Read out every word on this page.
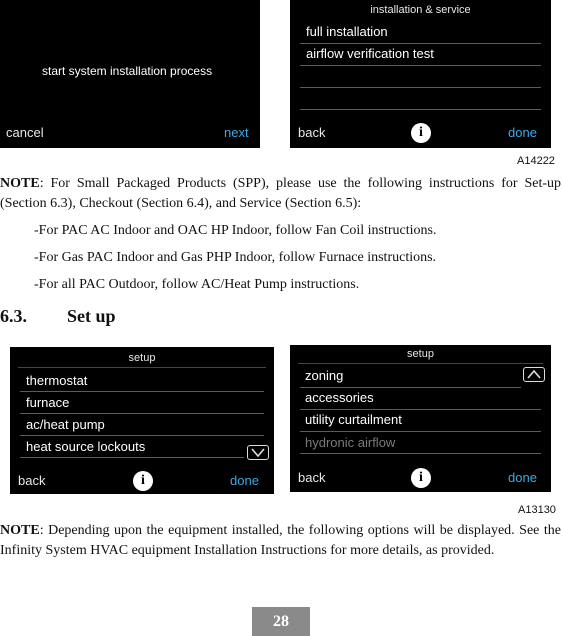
start system installation process
cancel	next
installation & service
full installation
airflow verification test
back	i	done
A14222
NOTE: For Small Packaged Products (SPP), please use the following instructions for Set-up (Section 6.3), Checkout (Section 6.4), and Service (Section 6.5):
-For PAC AC Indoor and OAC HP Indoor, follow Fan Coil instructions.
-For Gas PAC Indoor and Gas PHP Indoor, follow Furnace instructions.
-For all PAC Outdoor, follow AC/Heat Pump instructions.
6.3. Set up
setup
thermostat
furnace
ac/heat pump
heat source lockouts
back	i	done
setup
zoning
accessories
utility curtailment
hydronic airflow
back	i	done
A13130
NOTE: Depending upon the equipment installed, the following options will be displayed. See the Infinity System HVAC equipment Installation Instructions for more details, as provided.
28
